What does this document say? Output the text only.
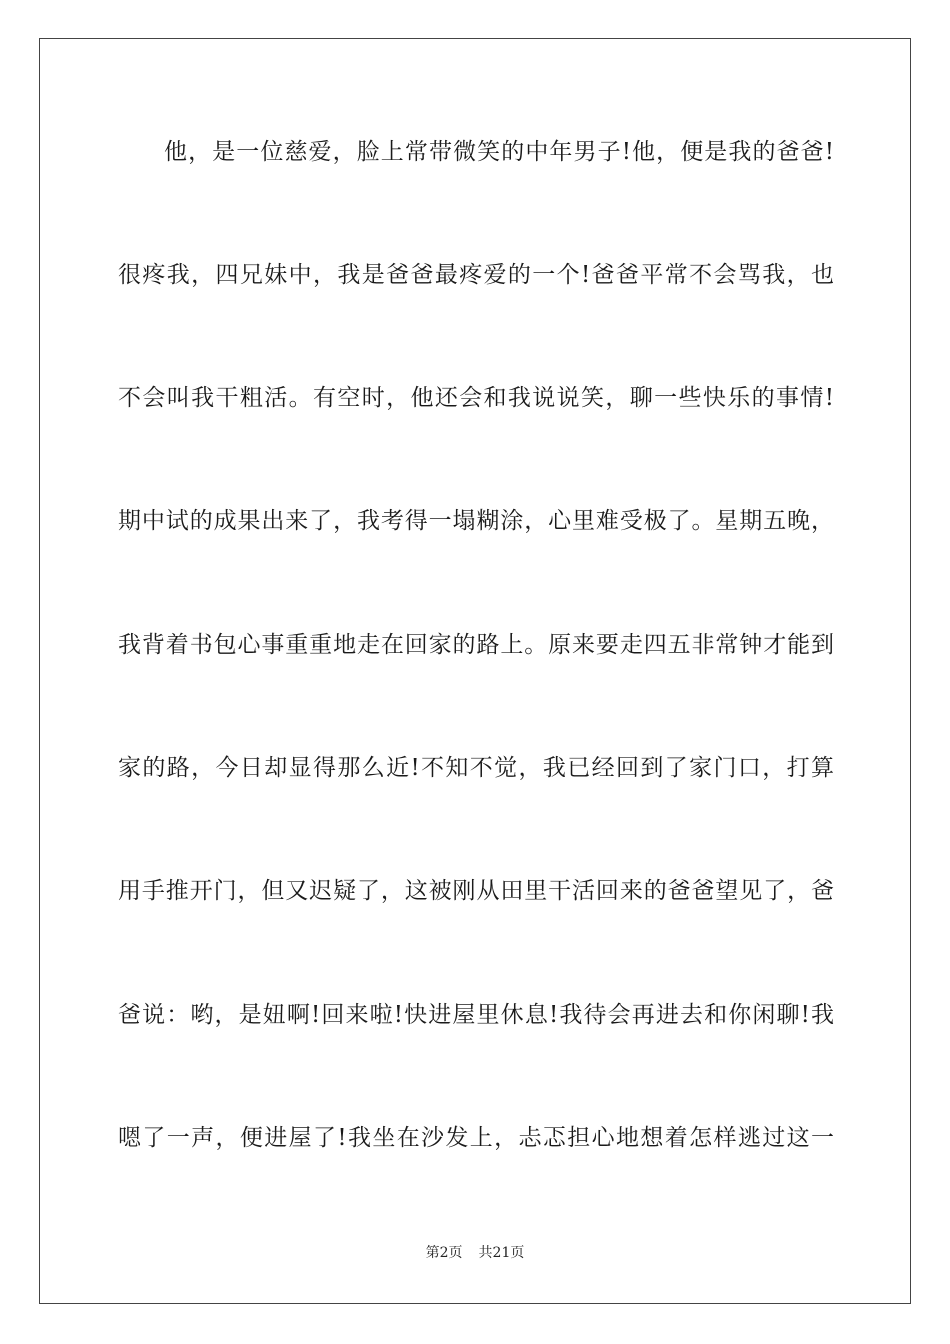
他，是一位慈爱，脸上常带微笑的中年男子!他，便是我的爸爸!
很疼我，四兄妹中，我是爸爸最疼爱的一个!爸爸平常不会骂我，也
不会叫我干粗活。有空时，他还会和我说说笑，聊一些快乐的事情!
期中试的成果出来了，我考得一塌糊涂，心里难受极了。星期五晚，
我背着书包心事重重地走在回家的路上。原来要走四五非常钟才能到
家的路，今日却显得那么近!不知不觉，我已经回到了家门口，打算
用手推开门，但又迟疑了，这被刚从田里干活回来的爸爸望见了，爸
爸说：哟，是妞啊!回来啦!快进屋里休息!我待会再进去和你闲聊!我
嗯了一声，便进屋了!我坐在沙发上，忐忑担心地想着怎样逃过这一
第2页 共21页
